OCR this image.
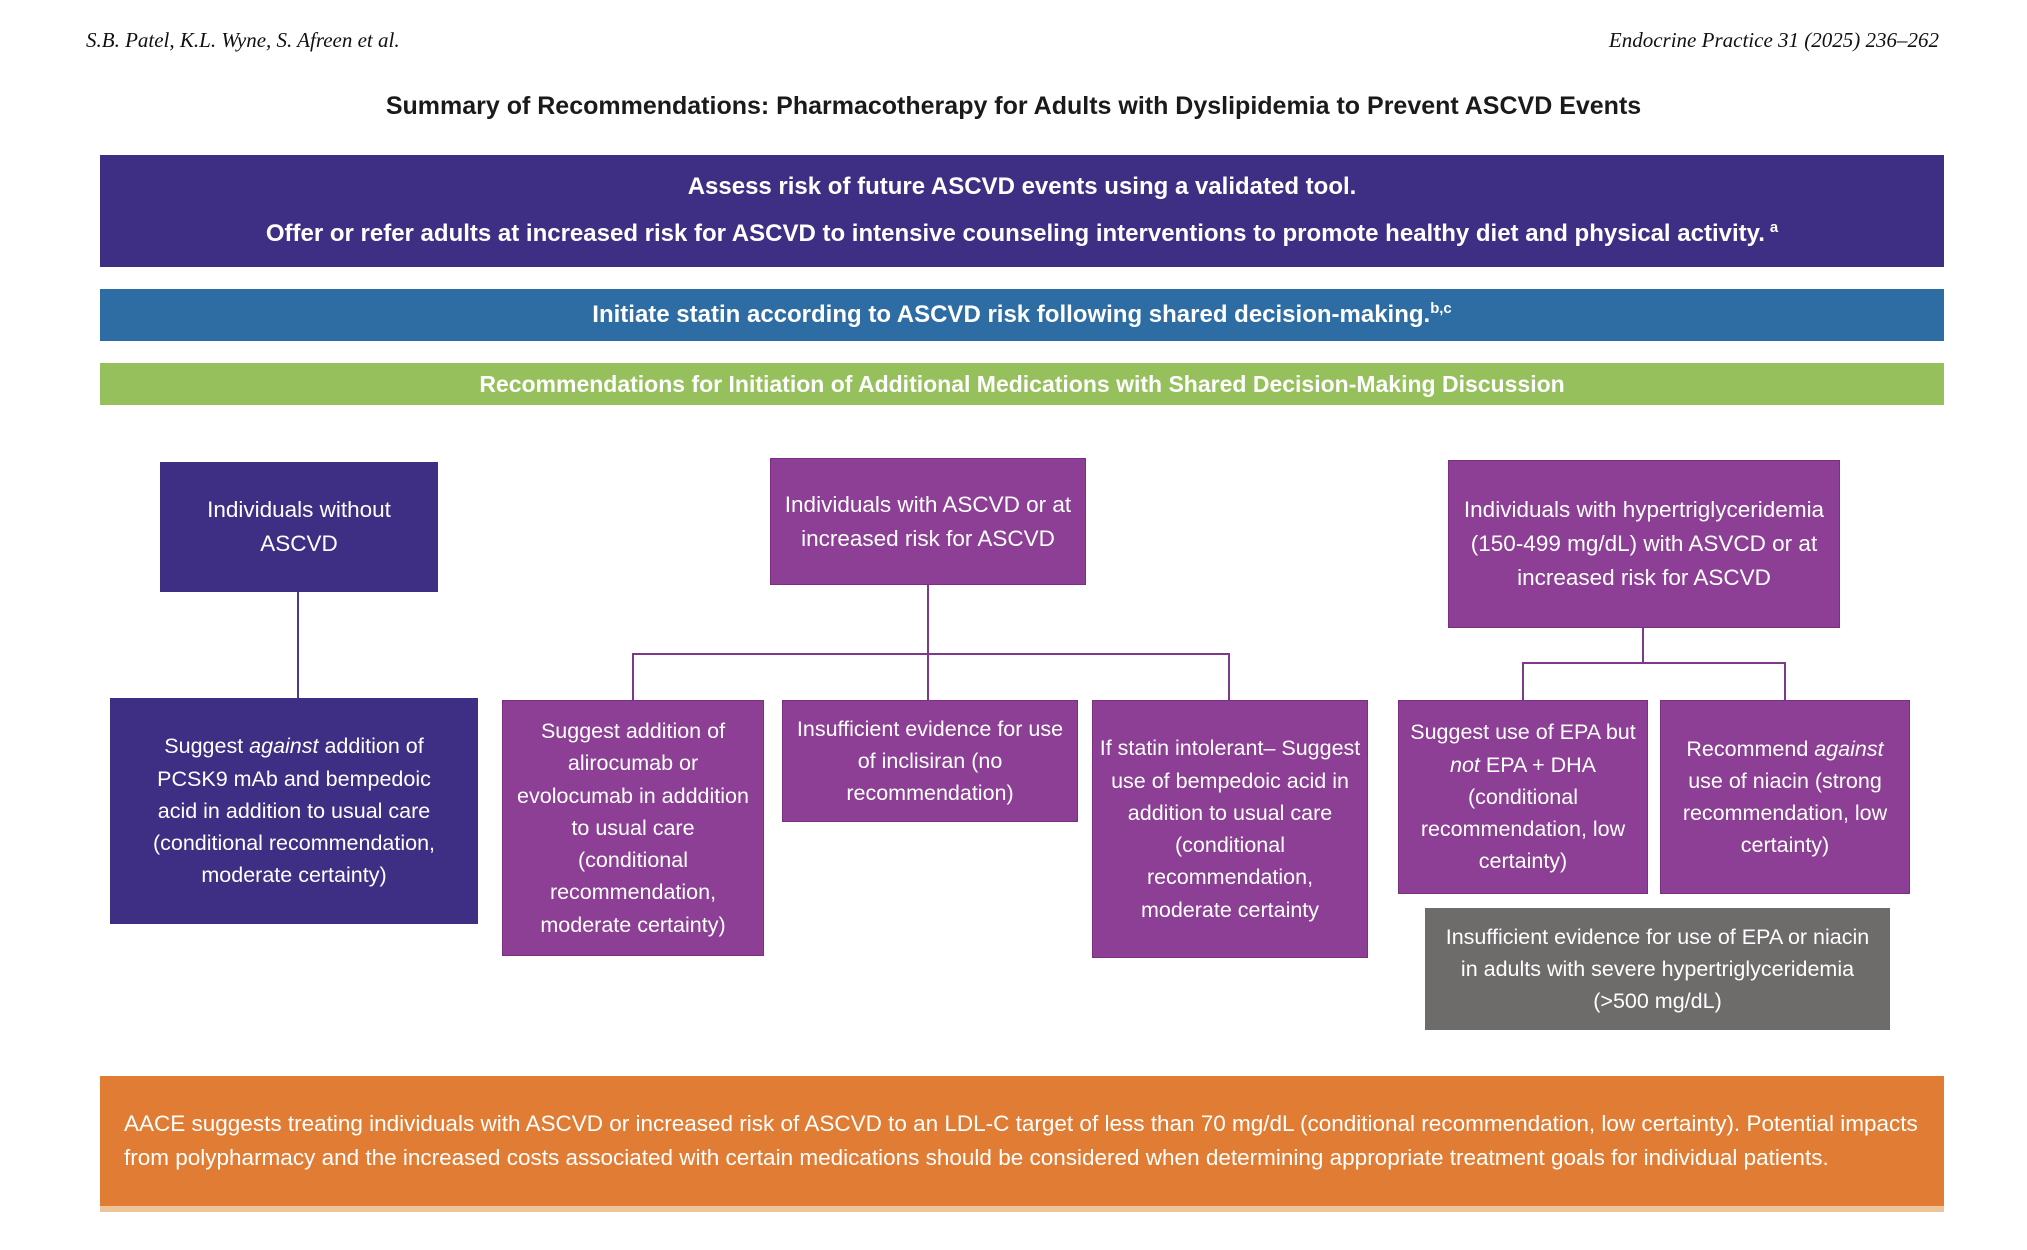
S.B. Patel, K.L. Wyne, S. Afreen et al.	Endocrine Practice 31 (2025) 236–262
Summary of Recommendations: Pharmacotherapy for Adults with Dyslipidemia to Prevent ASCVD Events
Assess risk of future ASCVD events using a validated tool.
Offer or refer adults at increased risk for ASCVD to intensive counseling interventions to promote healthy diet and physical activity. $^a$
Initiate statin according to ASCVD risk following shared decision-making.$^{b,c}$
Recommendations for Initiation of Additional Medications with Shared Decision-Making Discussion
Individuals without ASCVD
Individuals with ASCVD or at increased risk for ASCVD
Individuals with hypertriglyceridemia (150-499 mg/dL) with ASVCD or at increased risk for ASCVD
Suggest against addition of PCSK9 mAb and bempedoic acid in addition to usual care (conditional recommendation, moderate certainty)
Suggest addition of alirocumab or evolocumab in adddition to usual care (conditional recommendation, moderate certainty)
Insufficient evidence for use of inclisiran (no recommendation)
If statin intolerant– Suggest use of bempedoic acid in addition to usual care (conditional recommendation, moderate certainty
Suggest use of EPA but not EPA + DHA (conditional recommendation, low certainty)
Recommend against use of niacin (strong recommendation, low certainty)
Insufficient evidence for use of EPA or niacin in adults with severe hypertriglyceridemia (>500 mg/dL)
AACE suggests treating individuals with ASCVD or increased risk of ASCVD to an LDL-C target of less than 70 mg/dL (conditional recommendation, low certainty). Potential impacts from polypharmacy and the increased costs associated with certain medications should be considered when determining appropriate treatment goals for individual patients.
